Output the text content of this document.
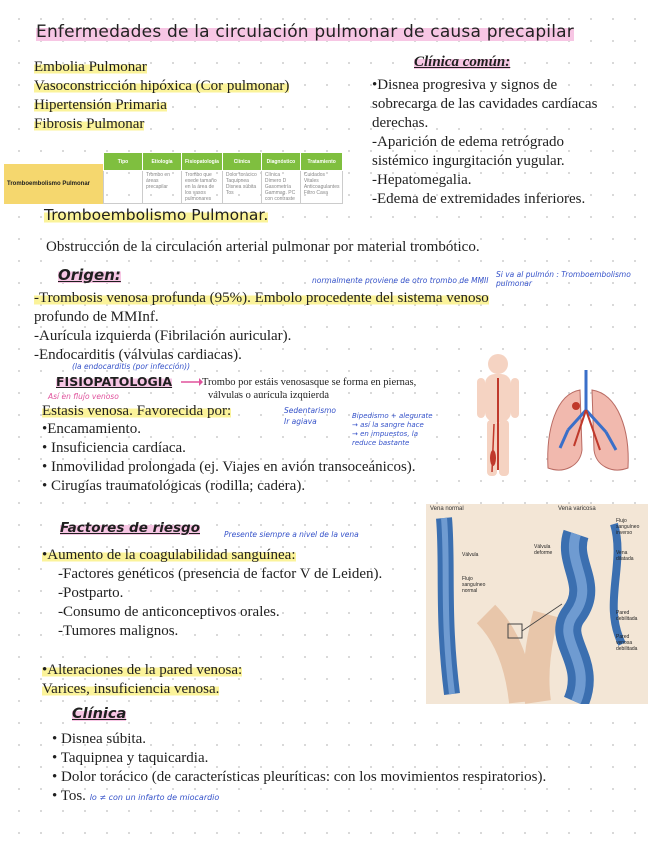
Enfermedades de la circulación pulmonar de causa precapilar
Embolia Pulmonar
Vasoconstricción hipóxica (Cor pulmonar)
Hipertensión Primaria
Fibrosis Pulmonar
Clínica común:
•Disnea progresiva y signos de
sobrecarga de las cavidades cardíacas
derechas.
-Aparición de edema retrógrado
sistémico ingurgitación yugular.
-Hepatomegalia.
-Edema de extremidades inferiores.
Tromboembolismo Pulmonar
Tipo	Etiología	Fisiopatología	Clínica	Diagnóstico	Tratamiento
	Trombo en áreas precapilar	Trombo que exede tamaño en la área de los vasos pulmonares	Dolor torácico Taquipnea Disnea súbita Tos	Clínica Dímero D Gasometría Gammag. PC con contraste	Cuidados Vitales Anticoagulantes Filtro Cava
Tromboembolismo Pulmonar.
Obstrucción de la circulación arterial pulmonar por material trombótico.
Origen:	normalmente proviene de otro trombo de MMII
Si va al pulmón : Tromboembolismo pulmonar
-Trombosis venosa profunda (95%). Embolo procedente del sistema venoso
profundo de MMInf.
-Aurícula izquierda (Fibrilación auricular).
-Endocarditis (válvulas cardiacas).
(la endocarditis (por infección))
FISIOPATOLOGIA	Trombo por estáis venosasque se forma en piernas,
válvulas o aurícula izquierda
Así en flujo venoso
Sedentarismo
Ir agiava
Bipedismo + alegurate
→ así la sangre hace
→ en impuestos, la
reduce bastante
Estasis venosa. Favorecida por:
•Encamamiento.
• Insuficiencia cardíaca.
• Inmovilidad prolongada (ej. Viajes en avión transoceánicos).
• Cirugías traumatológicas (rodilla; cadera).
Factores de riesgo	Presente siempre a nivel de la vena
•Aumento de la coagulabilidad sanguínea:
-Factores genéticos (presencia de factor V de Leiden).
-Postparto.
-Consumo de anticonceptivos orales.
-Tumores malignos.
•Alteraciones de la pared venosa:
Varices, insuficiencia venosa.
Vena normal	Vena varicosa
Válvula
Flujo sanguíneo normal
Válvula deforme
Flujo sanguíneo inverso
Vena dilatada
Pared debilitada
Pared venosa debilitada
Clínica
• Disnea súbita.
• Taquipnea y taquicardia.
• Dolor torácico (de características pleuríticas: con los movimientos respiratorios).
• Tos. lo ≠ con un infarto de miocardio
